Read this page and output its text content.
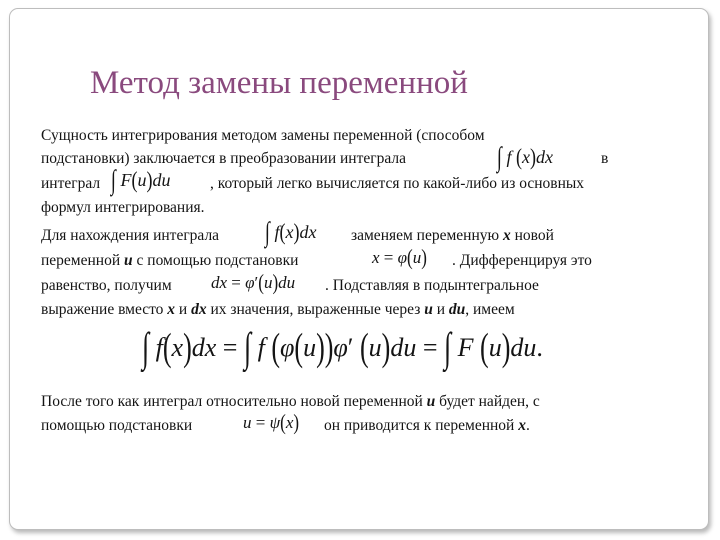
Метод замены переменной
Сущность интегрирования методом замены переменной (способом
подстановки) заключается в преобразовании интеграла	∫ f (x)dx	в
интеграл ∫ F(u)du	, который легко вычисляется по какой-либо из основных
формул интегрирования.
Для нахождения интеграла	∫ f(x)dx заменяем переменную x новой
переменной u с помощью подстановки	x = φ(u) . Дифференцируя это
равенство, получим dx = φ′(u)du . Подставляя в подынтегральное
выражение вместо x и dx их значения, выраженные через u и du, имеем
∫ f(x)dx = ∫ f (φ(u))φ′ (u)du = ∫ F (u)du.
После того как интеграл относительно новой переменной u будет найден, с
помощью подстановки	u = ψ(x) он приводится к переменной x.
